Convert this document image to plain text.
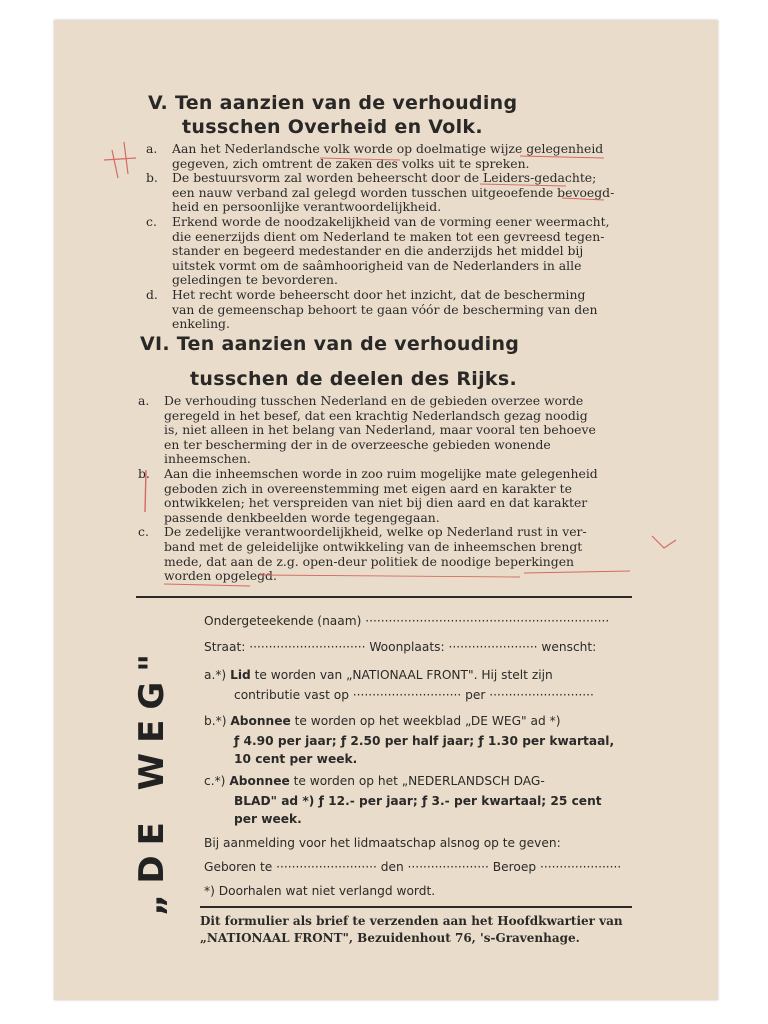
V. Ten aanzien van de verhouding
tusschen Overheid en Volk.
a. Aan het Nederlandsche volk worde op doelmatige wijze gelegenheid
gegeven, zich omtrent de zaken des volks uit te spreken.
b. De bestuursvorm zal worden beheerscht door de Leiders-gedachte;
een nauw verband zal gelegd worden tusschen uitgeoefende bevoegd-
heid en persoonlijke verantwoordelijkheid.
c. Erkend worde de noodzakelijkheid van de vorming eener weermacht,
die eenerzijds dient om Nederland te maken tot een gevreesd tegen-
stander en begeerd medestander en die anderzijds het middel bij
uitstek vormt om de saâmhoorigheid van de Nederlanders in alle
geledingen te bevorderen.
d. Het recht worde beheerscht door het inzicht, dat de bescherming
van de gemeenschap behoort te gaan vóór de bescherming van den
enkeling.
VI. Ten aanzien van de verhouding
tusschen de deelen des Rijks.
a. De verhouding tusschen Nederland en de gebieden overzee worde
geregeld in het besef, dat een krachtig Nederlandsch gezag noodig
is, niet alleen in het belang van Nederland, maar vooral ten behoeve
en ter bescherming der in de overzeesche gebieden wonende
inheemschen.
b. Aan die inheemschen worde in zoo ruim mogelijke mate gelegenheid
geboden zich in overeenstemming met eigen aard en karakter te
ontwikkelen; het verspreiden van niet bij dien aard en dat karakter
passende denkbeelden worde tegengegaan.
c. De zedelijke verantwoordelijkheid, welke op Nederland rust in ver-
band met de geleidelijke ontwikkeling van de inheemschen brengt
mede, dat aan de z.g. open-deur politiek de noodige beperkingen
worden opgelegd.
„DE WEG"
Ondergeteekende (naam) ·······························································
Straat: ······························ Woonplaats: ······················· wenscht:
a.*) Lid te worden van „NATIONAAL FRONT". Hij stelt zijn
contributie vast op ···························· per ···························
b.*) Abonnee te worden op het weekblad „DE WEG" ad *)
ƒ 4.90 per jaar; ƒ 2.50 per half jaar; ƒ 1.30 per kwartaal,
10 cent per week.
c.*) Abonnee te worden op het „NEDERLANDSCH DAG-
BLAD" ad *) ƒ 12.- per jaar; ƒ 3.- per kwartaal; 25 cent
per week.
Bij aanmelding voor het lidmaatschap alsnog op te geven:
Geboren te ·························· den ····················· Beroep ·····················
*) Doorhalen wat niet verlangd wordt.
Dit formulier als brief te verzenden aan het Hoofdkwartier van
„NATIONAAL FRONT", Bezuidenhout 76, 's-Gravenhage.
